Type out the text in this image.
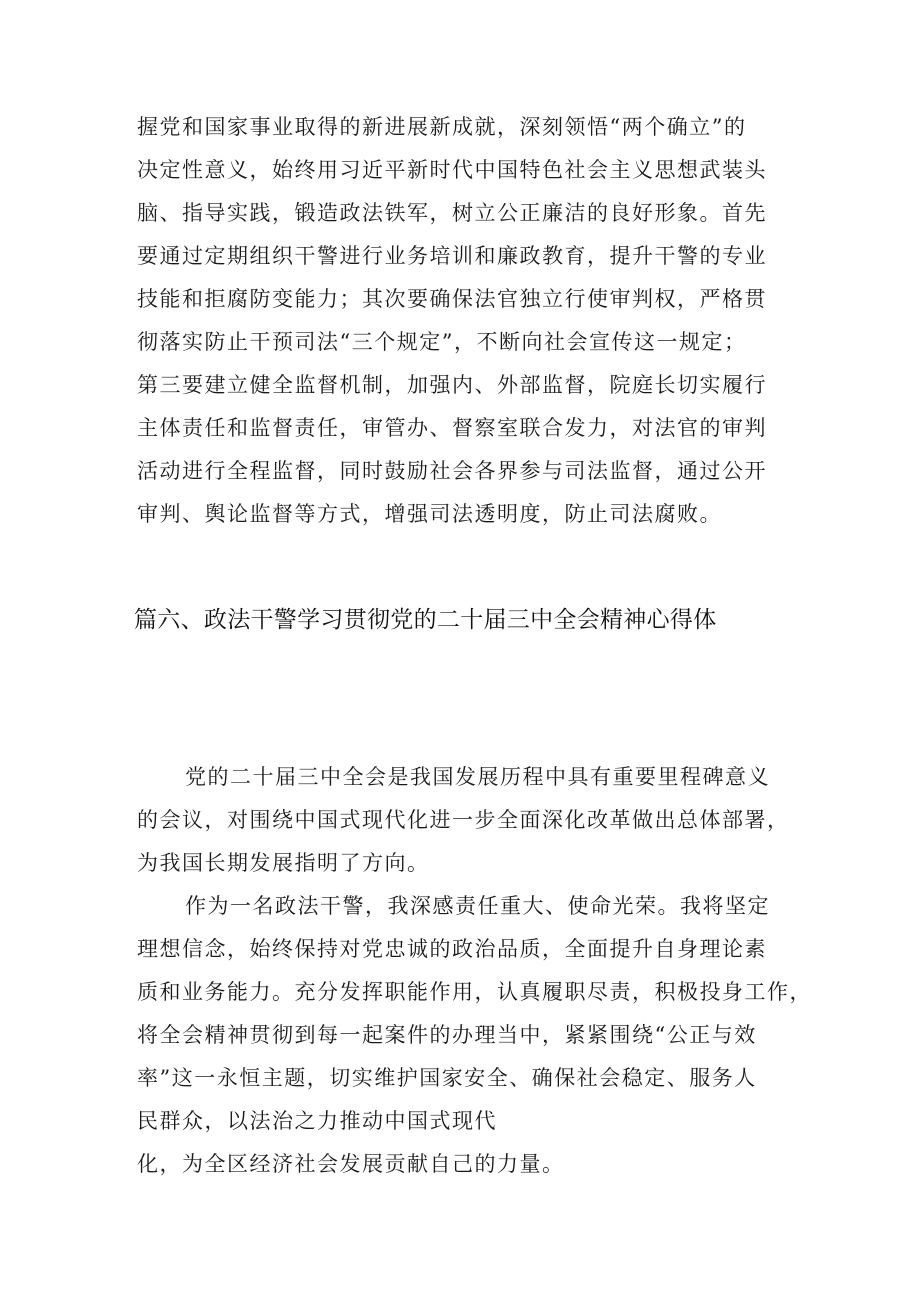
握党和国家事业取得的新进展新成就，深刻领悟“两个确立”的
决定性意义，始终用习近平新时代中国特色社会主义思想武装头
脑、指导实践，锻造政法铁军，树立公正廉洁的良好形象。首先
要通过定期组织干警进行业务培训和廉政教育，提升干警的专业
技能和拒腐防变能力；其次要确保法官独立行使审判权，严格贯
彻落实防止干预司法“三个规定”，不断向社会宣传这一规定；
第三要建立健全监督机制，加强内、外部监督，院庭长切实履行
主体责任和监督责任，审管办、督察室联合发力，对法官的审判
活动进行全程监督，同时鼓励社会各界参与司法监督，通过公开
审判、舆论监督等方式，增强司法透明度，防止司法腐败。
篇六、政法干警学习贯彻党的二十届三中全会精神心得体
党的二十届三中全会是我国发展历程中具有重要里程碑意义
的会议，对围绕中国式现代化进一步全面深化改革做出总体部署，
为我国长期发展指明了方向。
作为一名政法干警，我深感责任重大、使命光荣。我将坚定
理想信念，始终保持对党忠诚的政治品质，全面提升自身理论素
质和业务能力。充分发挥职能作用，认真履职尽责，积极投身工作，
将全会精神贯彻到每一起案件的办理当中，紧紧围绕“公正与效
率”这一永恒主题，切实维护国家安全、确保社会稳定、服务人
民群众，以法治之力推动中国式现代
化，为全区经济社会发展贡献自己的力量。
